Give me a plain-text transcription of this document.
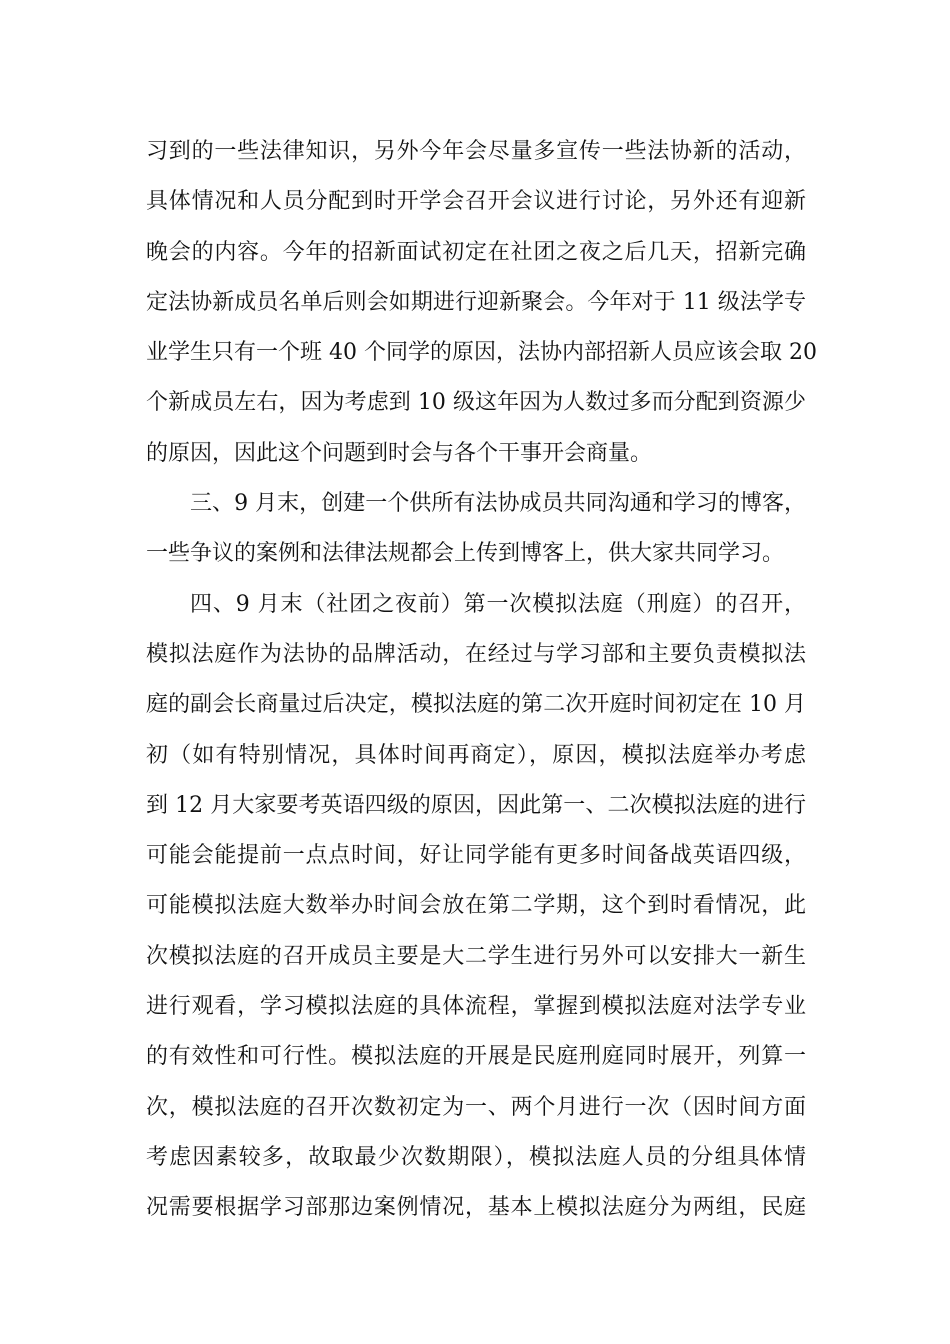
习到的一些法律知识，另外今年会尽量多宣传一些法协新的活动，
具体情况和人员分配到时开学会召开会议进行讨论，另外还有迎新
晚会的内容。今年的招新面试初定在社团之夜之后几天，招新完确
定法协新成员名单后则会如期进行迎新聚会。今年对于 11 级法学专
业学生只有一个班 40 个同学的原因，法协内部招新人员应该会取 20
个新成员左右，因为考虑到 10 级这年因为人数过多而分配到资源少
的原因，因此这个问题到时会与各个干事开会商量。
三、9 月末，创建一个供所有法协成员共同沟通和学习的博客，
一些争议的案例和法律法规都会上传到博客上，供大家共同学习。
四、9 月末（社团之夜前）第一次模拟法庭（刑庭）的召开，
模拟法庭作为法协的品牌活动，在经过与学习部和主要负责模拟法
庭的副会长商量过后决定，模拟法庭的第二次开庭时间初定在 10 月
初（如有特别情况，具体时间再商定），原因，模拟法庭举办考虑
到 12 月大家要考英语四级的原因，因此第一、二次模拟法庭的进行
可能会能提前一点点时间，好让同学能有更多时间备战英语四级，
可能模拟法庭大数举办时间会放在第二学期，这个到时看情况，此
次模拟法庭的召开成员主要是大二学生进行另外可以安排大一新生
进行观看，学习模拟法庭的具体流程，掌握到模拟法庭对法学专业
的有效性和可行性。模拟法庭的开展是民庭刑庭同时展开，列算一
次，模拟法庭的召开次数初定为一、两个月进行一次（因时间方面
考虑因素较多，故取最少次数期限），模拟法庭人员的分组具体情
况需要根据学习部那边案例情况，基本上模拟法庭分为两组，民庭
